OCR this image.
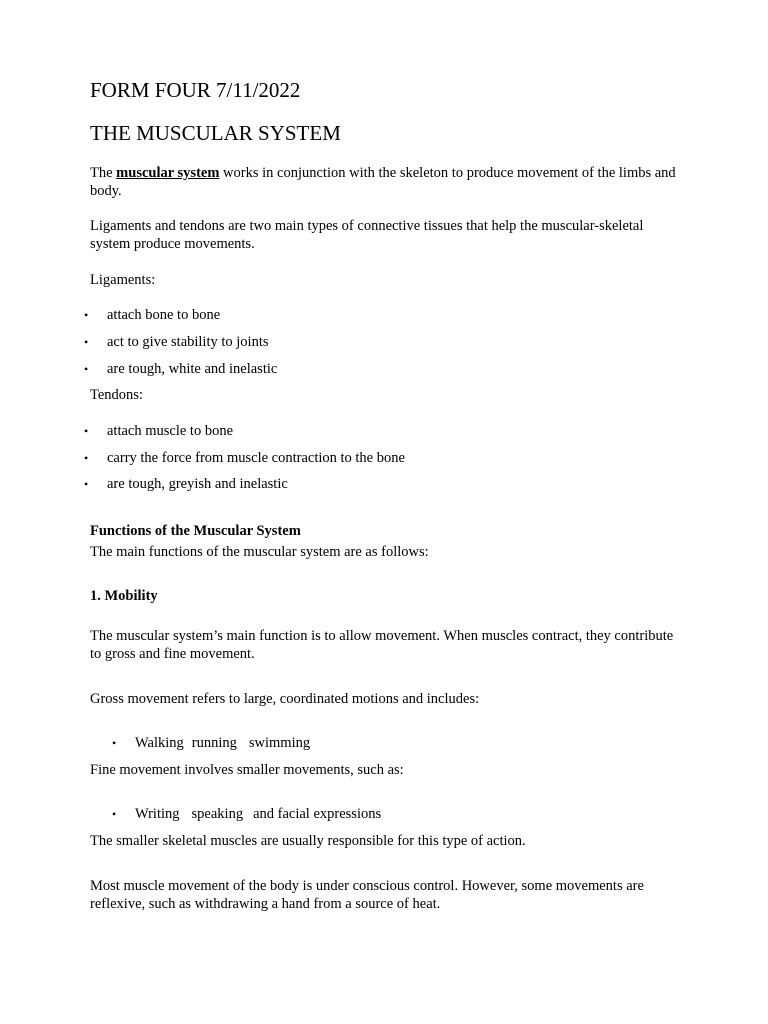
FORM FOUR 7/11/2022

THE MUSCULAR SYSTEM

The muscular system works in conjunction with the skeleton to produce movement of the limbs and body.

Ligaments and tendons are two main types of connective tissues that help the muscular-skeletal system produce movements.

Ligaments:

• attach bone to bone
• act to give stability to joints
• are tough, white and inelastic

Tendons:

• attach muscle to bone
• carry the force from muscle contraction to the bone
• are tough, greyish and inelastic

Functions of the Muscular System

The main functions of the muscular system are as follows:

1. Mobility

The muscular system’s main function is to allow movement. When muscles contract, they contribute to gross and fine movement.

Gross movement refers to large, coordinated motions and includes:

• Walking running swimming

Fine movement involves smaller movements, such as:

• Writing speaking and facial expressions

The smaller skeletal muscles are usually responsible for this type of action.

Most muscle movement of the body is under conscious control. However, some movements are reflexive, such as withdrawing a hand from a source of heat.
